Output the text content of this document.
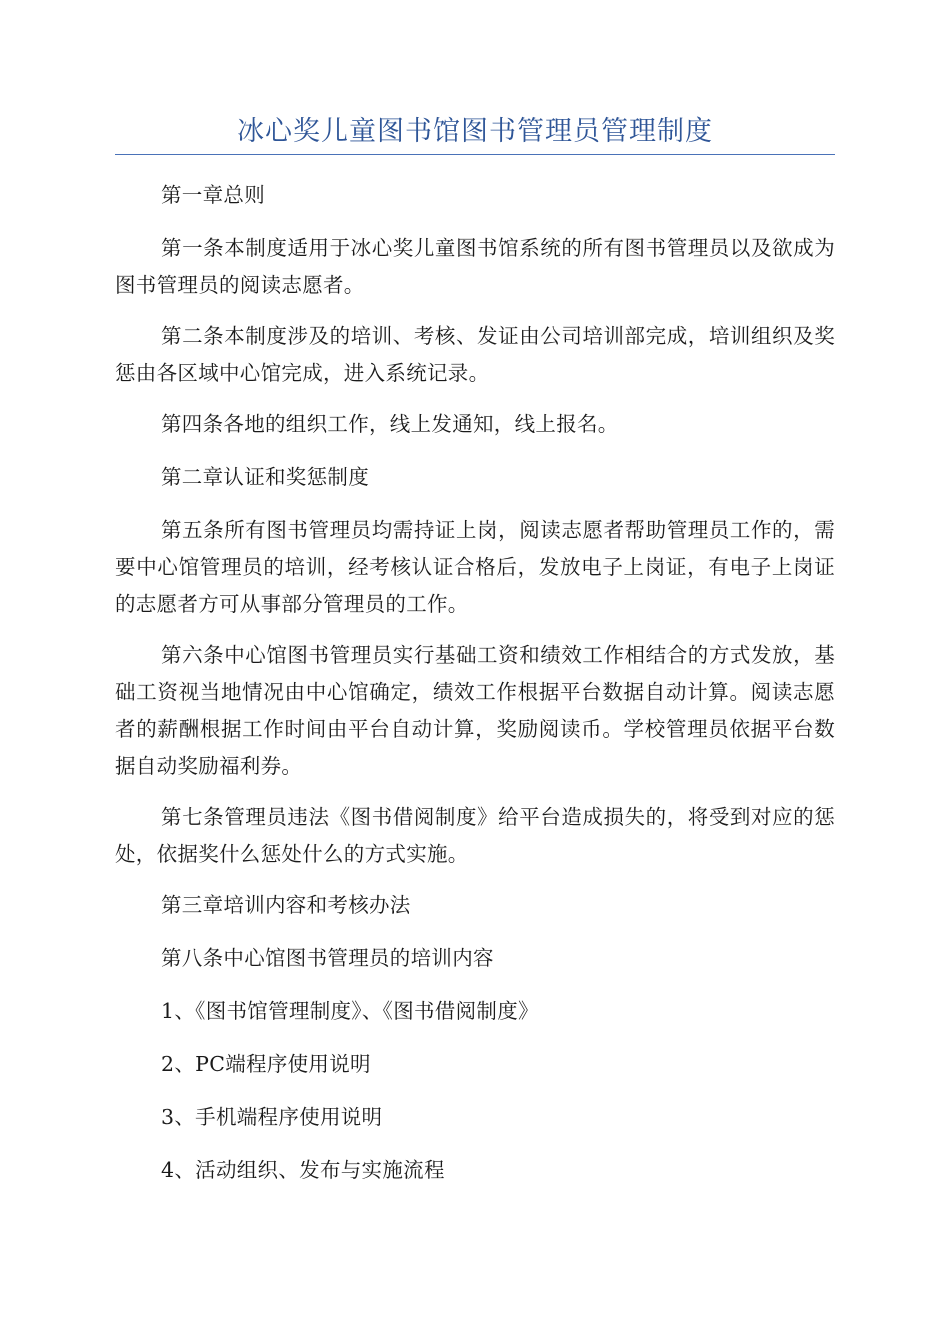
冰心奖儿童图书馆图书管理员管理制度

第一章总则

第一条本制度适用于冰心奖儿童图书馆系统的所有图书管理员以及欲成为图书管理员的阅读志愿者。

第二条本制度涉及的培训、考核、发证由公司培训部完成，培训组织及奖惩由各区域中心馆完成，进入系统记录。

第四条各地的组织工作，线上发通知，线上报名。

第二章认证和奖惩制度

第五条所有图书管理员均需持证上岗，阅读志愿者帮助管理员工作的，需要中心馆管理员的培训，经考核认证合格后，发放电子上岗证，有电子上岗证的志愿者方可从事部分管理员的工作。

第六条中心馆图书管理员实行基础工资和绩效工作相结合的方式发放，基础工资视当地情况由中心馆确定，绩效工作根据平台数据自动计算。阅读志愿者的薪酬根据工作时间由平台自动计算，奖励阅读币。学校管理员依据平台数据自动奖励福利券。

第七条管理员违法《图书借阅制度》给平台造成损失的，将受到对应的惩处，依据奖什么惩处什么的方式实施。

第三章培训内容和考核办法

第八条中心馆图书管理员的培训内容

1、《图书馆管理制度》、《图书借阅制度》

2、PC端程序使用说明

3、手机端程序使用说明

4、活动组织、发布与实施流程
